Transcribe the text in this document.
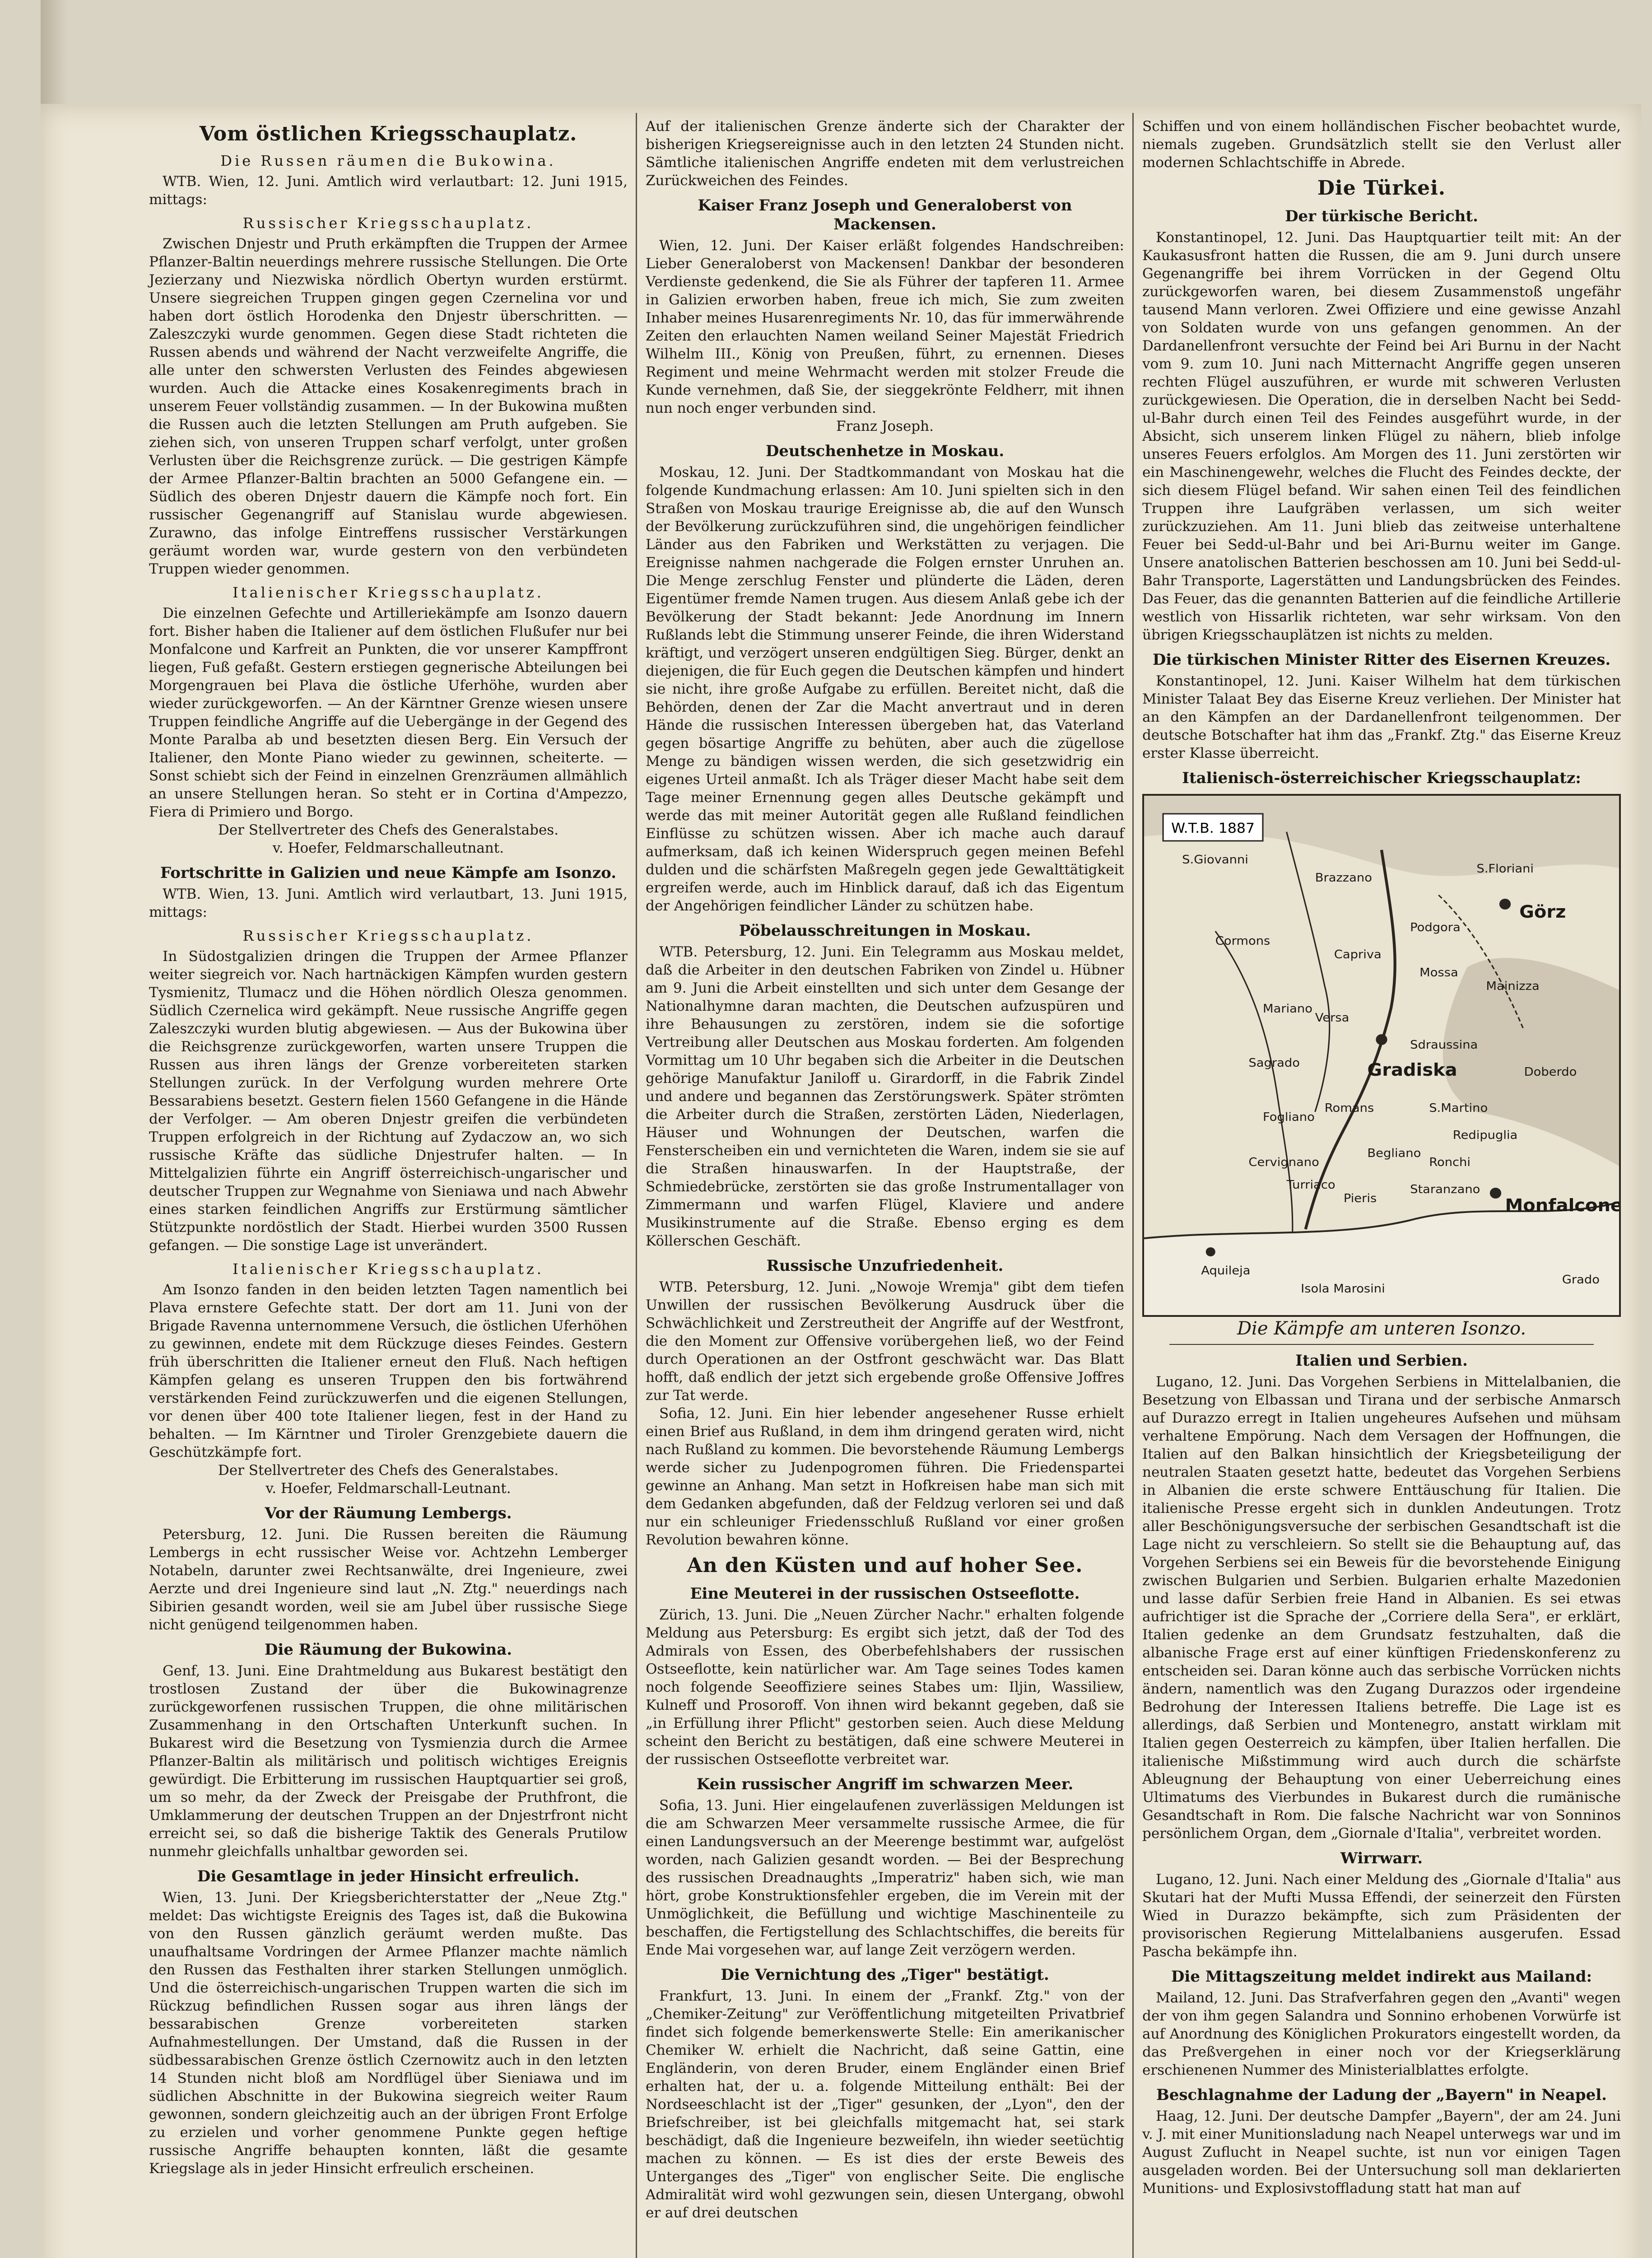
Vom östlichen Kriegsschauplatz.
Die Russen räumen die Bukowina.

WTB. Wien, 12. Juni. Amtlich wird verlautbart: 12. Juni 1915, mittags:

Russischer Kriegsschauplatz.

Zwischen Dnjestr und Pruth erkämpften die Truppen der Armee Pflanzer-Baltin neuerdings mehrere russische Stellungen. Die Orte Jezierzany und Niezwiska nördlich Obertyn wurden erstürmt. Unsere siegreichen Truppen gingen gegen Czernelina vor und haben dort östlich Horodenka den Dnjestr überschritten. — Zaleszczyki wurde genommen. Gegen diese Stadt richteten die Russen abends und während der Nacht verzweifelte Angriffe, die alle unter den schwersten Verlusten des Feindes abgewiesen wurden. Auch die Attacke eines Kosakenregiments brach in unserem Feuer vollständig zusammen. — In der Bukowina mußten die Russen auch die letzten Stellungen am Pruth aufgeben. Sie ziehen sich, von unseren Truppen scharf verfolgt, unter großen Verlusten über die Reichsgrenze zurück. — Die gestrigen Kämpfe der Armee Pflanzer-Baltin brachten an 5000 Gefangene ein. — Südlich des oberen Dnjestr dauern die Kämpfe noch fort. Ein russischer Gegenangriff auf Stanislau wurde abgewiesen. Zurawno, das infolge Eintreffens russischer Verstärkungen geräumt worden war, wurde gestern von den verbündeten Truppen wieder genommen.

Italienischer Kriegsschauplatz.

Die einzelnen Gefechte und Artilleriekämpfe am Isonzo dauern fort. Bisher haben die Italiener auf dem östlichen Flußufer nur bei Monfalcone und Karfreit an Punkten, die vor unserer Kampffront liegen, Fuß gefaßt. Gestern erstiegen gegnerische Abteilungen bei Morgengrauen bei Plava die östliche Uferhöhe, wurden aber wieder zurückgeworfen. — An der Kärntner Grenze wiesen unsere Truppen feindliche Angriffe auf die Uebergänge in der Gegend des Monte Paralba ab und besetzten diesen Berg. Ein Versuch der Italiener, den Monte Piano wieder zu gewinnen, scheiterte. — Sonst schiebt sich der Feind in einzelnen Grenzräumen allmählich an unsere Stellungen heran. So steht er in Cortina d'Ampezzo, Fiera di Primiero und Borgo.

Der Stellvertreter des Chefs des Generalstabes.

v. Hoefer, Feldmarschalleutnant.

Fortschritte in Galizien und neue Kämpfe am Isonzo.

WTB. Wien, 13. Juni. Amtlich wird verlautbart, 13. Juni 1915, mittags:

Russischer Kriegsschauplatz.

In Südostgalizien dringen die Truppen der Armee Pflanzer weiter siegreich vor. Nach hartnäckigen Kämpfen wurden gestern Tysmienitz, Tlumacz und die Höhen nördlich Olesza genommen. Südlich Czernelica wird gekämpft. Neue russische Angriffe gegen Zaleszczyki wurden blutig abgewiesen. — Aus der Bukowina über die Reichsgrenze zurückgeworfen, warten unsere Truppen die Russen aus ihren längs der Grenze vorbereiteten starken Stellungen zurück. In der Verfolgung wurden mehrere Orte Bessarabiens besetzt. Gestern fielen 1560 Gefangene in die Hände der Verfolger. — Am oberen Dnjestr greifen die verbündeten Truppen erfolgreich in der Richtung auf Zydaczow an, wo sich russische Kräfte das südliche Dnjestrufer halten. — In Mittelgalizien führte ein Angriff österreichisch-ungarischer und deutscher Truppen zur Wegnahme von Sieniawa und nach Abwehr eines starken feindlichen Angriffs zur Erstürmung sämtlicher Stützpunkte nordöstlich der Stadt. Hierbei wurden 3500 Russen gefangen. — Die sonstige Lage ist unverändert.

Italienischer Kriegsschauplatz.

Am Isonzo fanden in den beiden letzten Tagen namentlich bei Plava ernstere Gefechte statt. Der dort am 11. Juni von der Brigade Ravenna unternommene Versuch, die östlichen Uferhöhen zu gewinnen, endete mit dem Rückzuge dieses Feindes. Gestern früh überschritten die Italiener erneut den Fluß. Nach heftigen Kämpfen gelang es unseren Truppen den bis fortwährend verstärkenden Feind zurückzuwerfen und die eigenen Stellungen, vor denen über 400 tote Italiener liegen, fest in der Hand zu behalten. — Im Kärntner und Tiroler Grenzgebiete dauern die Geschützkämpfe fort.

Der Stellvertreter des Chefs des Generalstabes.

v. Hoefer, Feldmarschall-Leutnant.

Vor der Räumung Lembergs.

Petersburg, 12. Juni. Die Russen bereiten die Räumung Lembergs in echt russischer Weise vor. Achtzehn Lemberger Notabeln, darunter zwei Rechtsanwälte, drei Ingenieure, zwei Aerzte und drei Ingenieure sind laut „N. Ztg." neuerdings nach Sibirien gesandt worden, weil sie am Jubel über russische Siege nicht genügend teilgenommen haben.

Die Räumung der Bukowina.

Genf, 13. Juni. Eine Drahtmeldung aus Bukarest bestätigt den trostlosen Zustand der über die Bukowinagrenze zurückgeworfenen russischen Truppen, die ohne militärischen Zusammenhang in den Ortschaften Unterkunft suchen. In Bukarest wird die Besetzung von Tysmienzia durch die Armee Pflanzer-Baltin als militärisch und politisch wichtiges Ereignis gewürdigt. Die Erbitterung im russischen Hauptquartier sei groß, um so mehr, da der Zweck der Preisgabe der Pruthfront, die Umklammerung der deutschen Truppen an der Dnjestrfront nicht erreicht sei, so daß die bisherige Taktik des Generals Prutilow nunmehr gleichfalls unhaltbar geworden sei.

Die Gesamtlage in jeder Hinsicht erfreulich.

Wien, 13. Juni. Der Kriegsberichterstatter der „Neue Ztg." meldet: Das wichtigste Ereignis des Tages ist, daß die Bukowina von den Russen gänzlich geräumt werden mußte. Das unaufhaltsame Vordringen der Armee Pflanzer machte nämlich den Russen das Festhalten ihrer starken Stellungen unmöglich. Und die österreichisch-ungarischen Truppen warten die sich im Rückzug befindlichen Russen sogar aus ihren längs der bessarabischen Grenze vorbereiteten starken Aufnahmestellungen. Der Umstand, daß die Russen in der südbessarabischen Grenze östlich Czernowitz auch in den letzten 14 Stunden nicht bloß am Nordflügel über Sieniawa und im südlichen Abschnitte in der Bukowina siegreich weiter Raum gewonnen, sondern gleichzeitig auch an der übrigen Front Erfolge zu erzielen und vorher genommene Punkte gegen heftige russische Angriffe behaupten konnten, läßt die gesamte Kriegslage als in jeder Hinsicht erfreulich erscheinen.

Auf der italienischen Grenze änderte sich der Charakter der bisherigen Kriegsereignisse auch in den letzten 24 Stunden nicht. Sämtliche italienischen Angriffe endeten mit dem verlustreichen Zurückweichen des Feindes.

Kaiser Franz Joseph und Generaloberst von Mackensen.

Wien, 12. Juni. Der Kaiser erläßt folgendes Handschreiben: Lieber Generaloberst von Mackensen! Dankbar der besonderen Verdienste gedenkend, die Sie als Führer der tapferen 11. Armee in Galizien erworben haben, freue ich mich, Sie zum zweiten Inhaber meines Husarenregiments Nr. 10, das für immerwährende Zeiten den erlauchten Namen weiland Seiner Majestät Friedrich Wilhelm III., König von Preußen, führt, zu ernennen. Dieses Regiment und meine Wehrmacht werden mit stolzer Freude die Kunde vernehmen, daß Sie, der sieggekrönte Feldherr, mit ihnen nun noch enger verbunden sind.

Franz Joseph.

Deutschenhetze in Moskau.

Moskau, 12. Juni. Der Stadtkommandant von Moskau hat die folgende Kundmachung erlassen: Am 10. Juni spielten sich in den Straßen von Moskau traurige Ereignisse ab, die auf den Wunsch der Bevölkerung zurückzuführen sind, die ungehörigen feindlicher Länder aus den Fabriken und Werkstätten zu verjagen. Die Ereignisse nahmen nachgerade die Folgen ernster Unruhen an. Die Menge zerschlug Fenster und plünderte die Läden, deren Eigentümer fremde Namen trugen. Aus diesem Anlaß gebe ich der Bevölkerung der Stadt bekannt: Jede Anordnung im Innern Rußlands lebt die Stimmung unserer Feinde, die ihren Widerstand kräftigt, und verzögert unseren endgültigen Sieg. Bürger, denkt an diejenigen, die für Euch gegen die Deutschen kämpfen und hindert sie nicht, ihre große Aufgabe zu erfüllen. Bereitet nicht, daß die Behörden, denen der Zar die Macht anvertraut und in deren Hände die russischen Interessen übergeben hat, das Vaterland gegen bösartige Angriffe zu behüten, aber auch die zügellose Menge zu bändigen wissen werden, die sich gesetzwidrig ein eigenes Urteil anmaßt. Ich als Träger dieser Macht habe seit dem Tage meiner Ernennung gegen alles Deutsche gekämpft und werde das mit meiner Autorität gegen alle Rußland feindlichen Einflüsse zu schützen wissen. Aber ich mache auch darauf aufmerksam, daß ich keinen Widerspruch gegen meinen Befehl dulden und die schärfsten Maßregeln gegen jede Gewalttätigkeit ergreifen werde, auch im Hinblick darauf, daß ich das Eigentum der Angehörigen feindlicher Länder zu schützen habe.

Pöbelausschreitungen in Moskau.

WTB. Petersburg, 12. Juni. Ein Telegramm aus Moskau meldet, daß die Arbeiter in den deutschen Fabriken von Zindel u. Hübner am 9. Juni die Arbeit einstellten und sich unter dem Gesange der Nationalhymne daran machten, die Deutschen aufzuspüren und ihre Behausungen zu zerstören, indem sie die sofortige Vertreibung aller Deutschen aus Moskau forderten. Am folgenden Vormittag um 10 Uhr begaben sich die Arbeiter in die Deutschen gehörige Manufaktur Janiloff u. Girardorff, in die Fabrik Zindel und andere und begannen das Zerstörungswerk. Später strömten die Arbeiter durch die Straßen, zerstörten Läden, Niederlagen, Häuser und Wohnungen der Deutschen, warfen die Fensterscheiben ein und vernichteten die Waren, indem sie sie auf die Straßen hinauswarfen. In der Hauptstraße, der Schmiedebrücke, zerstörten sie das große Instrumentallager von Zimmermann und warfen Flügel, Klaviere und andere Musikinstrumente auf die Straße. Ebenso erging es dem Köllerschen Geschäft.

Russische Unzufriedenheit.

WTB. Petersburg, 12. Juni. „Nowoje Wremja" gibt dem tiefen Unwillen der russischen Bevölkerung Ausdruck über die Schwächlichkeit und Zerstreutheit der Angriffe auf der Westfront, die den Moment zur Offensive vorübergehen ließ, wo der Feind durch Operationen an der Ostfront geschwächt war. Das Blatt hofft, daß endlich der jetzt sich ergebende große Offensive Joffres zur Tat werde.

Sofia, 12. Juni. Ein hier lebender angesehener Russe erhielt einen Brief aus Rußland, in dem ihm dringend geraten wird, nicht nach Rußland zu kommen. Die bevorstehende Räumung Lembergs werde sicher zu Judenpogromen führen. Die Friedenspartei gewinne an Anhang. Man setzt in Hofkreisen habe man sich mit dem Gedanken abgefunden, daß der Feldzug verloren sei und daß nur ein schleuniger Friedensschluß Rußland vor einer großen Revolution bewahren könne.

An den Küsten und auf hoher See.
Eine Meuterei in der russischen Ostseeflotte.

Zürich, 13. Juni. Die „Neuen Zürcher Nachr." erhalten folgende Meldung aus Petersburg: Es ergibt sich jetzt, daß der Tod des Admirals von Essen, des Oberbefehlshabers der russischen Ostseeflotte, kein natürlicher war. Am Tage seines Todes kamen noch folgende Seeoffiziere seines Stabes um: Iljin, Wassiliew, Kulneff und Prosoroff. Von ihnen wird bekannt gegeben, daß sie „in Erfüllung ihrer Pflicht" gestorben seien. Auch diese Meldung scheint den Bericht zu bestätigen, daß eine schwere Meuterei in der russischen Ostseeflotte verbreitet war.

Kein russischer Angriff im schwarzen Meer.

Sofia, 13. Juni. Hier eingelaufenen zuverlässigen Meldungen ist die am Schwarzen Meer versammelte russische Armee, die für einen Landungsversuch an der Meerenge bestimmt war, aufgelöst worden, nach Galizien gesandt worden. — Bei der Besprechung des russischen Dreadnaughts „Imperatriz" haben sich, wie man hört, grobe Konstruktionsfehler ergeben, die im Verein mit der Unmöglichkeit, die Befüllung und wichtige Maschinenteile zu beschaffen, die Fertigstellung des Schlachtschiffes, die bereits für Ende Mai vorgesehen war, auf lange Zeit verzögern werden.

Die Vernichtung des „Tiger" bestätigt.

Frankfurt, 13. Juni. In einem der „Frankf. Ztg." von der „Chemiker-Zeitung" zur Veröffentlichung mitgeteilten Privatbrief findet sich folgende bemerkenswerte Stelle: Ein amerikanischer Chemiker W. erhielt die Nachricht, daß seine Gattin, eine Engländerin, von deren Bruder, einem Engländer einen Brief erhalten hat, der u. a. folgende Mitteilung enthält: Bei der Nordseeschlacht ist der „Tiger" gesunken, der „Lyon", den der Briefschreiber, ist bei gleichfalls mitgemacht hat, sei stark beschädigt, daß die Ingenieure bezweifeln, ihn wieder seetüchtig machen zu können. — Es ist dies der erste Beweis des Unterganges des „Tiger" von englischer Seite. Die englische Admiralität wird wohl gezwungen sein, diesen Untergang, obwohl er auf drei deutschen

Schiffen und von einem holländischen Fischer beobachtet wurde, niemals zugeben. Grundsätzlich stellt sie den Verlust aller modernen Schlachtschiffe in Abrede.

Die Türkei.
Der türkische Bericht.

Konstantinopel, 12. Juni. Das Hauptquartier teilt mit: An der Kaukasusfront hatten die Russen, die am 9. Juni durch unsere Gegenangriffe bei ihrem Vorrücken in der Gegend Oltu zurückgeworfen waren, bei diesem Zusammenstoß ungefähr tausend Mann verloren. Zwei Offiziere und eine gewisse Anzahl von Soldaten wurde von uns gefangen genommen. An der Dardanellenfront versuchte der Feind bei Ari Burnu in der Nacht vom 9. zum 10. Juni nach Mitternacht Angriffe gegen unseren rechten Flügel auszuführen, er wurde mit schweren Verlusten zurückgewiesen. Die Operation, die in derselben Nacht bei Sedd-ul-Bahr durch einen Teil des Feindes ausgeführt wurde, in der Absicht, sich unserem linken Flügel zu nähern, blieb infolge unseres Feuers erfolglos. Am Morgen des 11. Juni zerstörten wir ein Maschinengewehr, welches die Flucht des Feindes deckte, der sich diesem Flügel befand. Wir sahen einen Teil des feindlichen Truppen ihre Laufgräben verlassen, um sich weiter zurückzuziehen. Am 11. Juni blieb das zeitweise unterhaltene Feuer bei Sedd-ul-Bahr und bei Ari-Burnu weiter im Gange. Unsere anatolischen Batterien beschossen am 10. Juni bei Sedd-ul-Bahr Transporte, Lagerstätten und Landungsbrücken des Feindes. Das Feuer, das die genannten Batterien auf die feindliche Artillerie westlich von Hissarlik richteten, war sehr wirksam. Von den übrigen Kriegsschauplätzen ist nichts zu melden.

Die türkischen Minister Ritter des Eisernen Kreuzes.

Konstantinopel, 12. Juni. Kaiser Wilhelm hat dem türkischen Minister Talaat Bey das Eiserne Kreuz verliehen. Der Minister hat an den Kämpfen an der Dardanellenfront teilgenommen. Der deutsche Botschafter hat ihm das „Frankf. Ztg." das Eiserne Kreuz erster Klasse überreicht.

Italienisch-österreichischer Kriegsschauplatz:
W.T.B. 1887
S.Giovanni
Brazzano
S.Floriani
Cormons
Podgora
Görz
Capriva
Mossa
Mainizza
Gradiska
Sagrado
S.Martino
Monfalcone
Aquileja
Isola Marosini
Pieris
Ronchi
Doberdo
Romans
Versa
Mariano
Cervignano
Sdraussina
Redipuglia
Fogliano
Turriaco
Begliano
Staranzano
Grado
Die Kämpfe am unteren Isonzo.
Italien und Serbien.

Lugano, 12. Juni. Das Vorgehen Serbiens in Mittelalbanien, die Besetzung von Elbassan und Tirana und der serbische Anmarsch auf Durazzo erregt in Italien ungeheures Aufsehen und mühsam verhaltene Empörung. Nach dem Versagen der Hoffnungen, die Italien auf den Balkan hinsichtlich der Kriegsbeteiligung der neutralen Staaten gesetzt hatte, bedeutet das Vorgehen Serbiens in Albanien die erste schwere Enttäuschung für Italien. Die italienische Presse ergeht sich in dunklen Andeutungen. Trotz aller Beschönigungsversuche der serbischen Gesandtschaft ist die Lage nicht zu verschleiern. So stellt sie die Behauptung auf, das Vorgehen Serbiens sei ein Beweis für die bevorstehende Einigung zwischen Bulgarien und Serbien. Bulgarien erhalte Mazedonien und lasse dafür Serbien freie Hand in Albanien. Es sei etwas aufrichtiger ist die Sprache der „Corriere della Sera", er erklärt, Italien gedenke an dem Grundsatz festzuhalten, daß die albanische Frage erst auf einer künftigen Friedenskonferenz zu entscheiden sei. Daran könne auch das serbische Vorrücken nichts ändern, namentlich was den Zugang Durazzos oder irgendeine Bedrohung der Interessen Italiens betreffe. Die Lage ist es allerdings, daß Serbien und Montenegro, anstatt wirklam mit Italien gegen Oesterreich zu kämpfen, über Italien herfallen. Die italienische Mißstimmung wird auch durch die schärfste Ableugnung der Behauptung von einer Ueberreichung eines Ultimatums des Vierbundes in Bukarest durch die rumänische Gesandtschaft in Rom. Die falsche Nachricht war von Sonninos persönlichem Organ, dem „Giornale d'Italia", verbreitet worden.

Wirrwarr.

Lugano, 12. Juni. Nach einer Meldung des „Giornale d'Italia" aus Skutari hat der Mufti Mussa Effendi, der seinerzeit den Fürsten Wied in Durazzo bekämpfte, sich zum Präsidenten der provisorischen Regierung Mittelalbaniens ausgerufen. Essad Pascha bekämpfe ihn.

Die Mittagszeitung meldet indirekt aus Mailand:

Mailand, 12. Juni. Das Strafverfahren gegen den „Avanti" wegen der von ihm gegen Salandra und Sonnino erhobenen Vorwürfe ist auf Anordnung des Königlichen Prokurators eingestellt worden, da das Preßvergehen in einer noch vor der Kriegserklärung erschienenen Nummer des Ministerialblattes erfolgte.

Beschlagnahme der Ladung der „Bayern" in Neapel.

Haag, 12. Juni. Der deutsche Dampfer „Bayern", der am 24. Juni v. J. mit einer Munitionsladung nach Neapel unterwegs war und im August Zuflucht in Neapel suchte, ist nun vor einigen Tagen ausgeladen worden. Bei der Untersuchung soll man deklarierten Munitions- und Explosivstoffladung statt hat man auf
